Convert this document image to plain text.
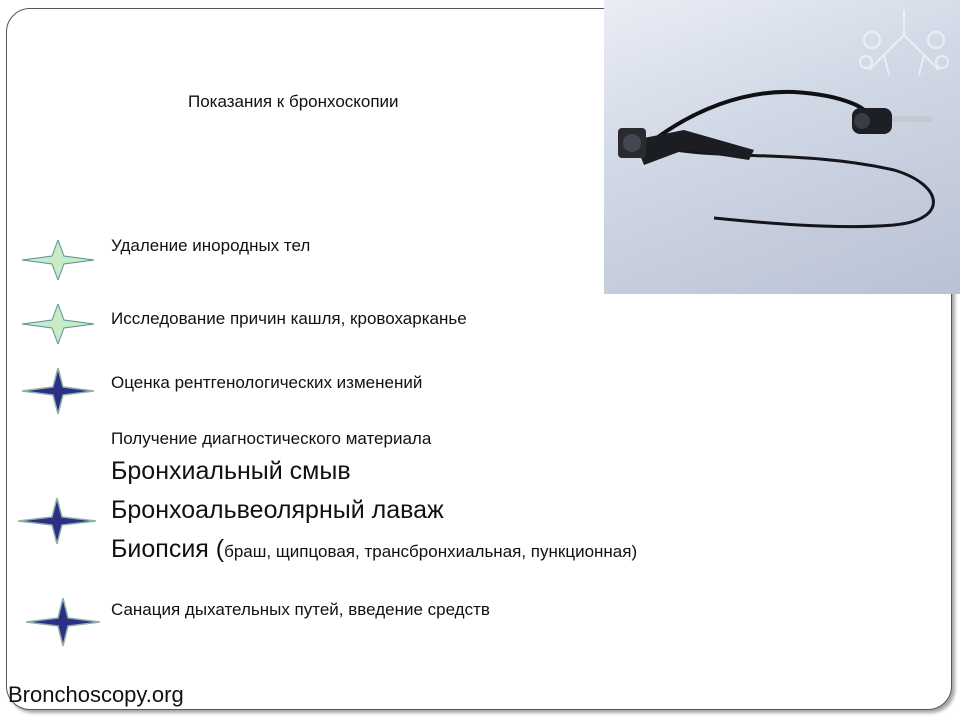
Показания к бронхоскопии
Удаление инородных тел
Исследование причин кашля, кровохарканье
Оценка рентгенологических изменений
Получение диагностического материала
Бронхиальный смыв
Бронхоальвеолярный лаваж
Биопсия (браш, щипцовая, трансбронхиальная, пункционная)
Санация дыхательных путей, введение средств
Bronchoscopy.org
